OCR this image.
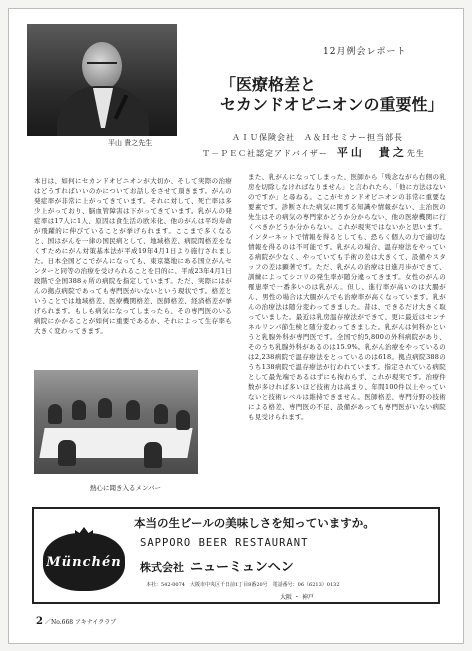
平山 貴之先生
12月例会レポート
「医療格差と
セカンドオピニオンの重要性」
ＡＩＵ保険会社　Ａ＆Ｈセミナー担当部長
Ｔ－ＰＥＣ社認定アドバイザー　平山　貴之先生
本日は、如何にセカンドオピニオンが大切か、そして実際の治療はどうすればいいのかについてお話しをさせて頂きます。がんの発症率が非常に上がってきています。それに対して、死亡率は多少上がっており、脳血管障害は下がってきています。乳がんの発症率は17人に1人、原因は食生活の欧米化、他のがんは平均寿命が飛躍的に伸びていることが挙げられます。ここまで多くなると、国はがんを一律の国民病として、地域格差、病院間格差をなくすためにがん対策基本法が平成19年4月1日より施行されました。日本全国どこでがんになっても、東京築地にある国立がんセンターと同等の治療を受けられることを目的に、平成23年4月1日段階で全国388ヵ所の病院を指定しています。ただ、実際にはがんの拠点病院であっても専門医がいないという現状です。格差ということでは地域格差、医療機関格差、医師格差、経済格差が挙げられます。もしも病気になってしまったら、その専門医のいる病院にかかることが如何に重要であるか、それによって生存率も大きく変わってきます。
また、乳がんになってしまった、医師から「残念ながら右側の乳房を切除しなければなりません」と言われたら、「他に方法はないのですか」と尋ねる。ここがセカンドオピニオンの非常に重要な要素です。診断された病気に関する知識や情報がない、主治医の先生はその病気の専門家かどうか分からない、他の医療機関に行くべきかどうか分からない。これが現実ではないかと思います。インターネットで情報を得るとしても、恐らく個人の力で適切な情報を得るのは不可能です。乳がんの場合、温存療法をやっている病院が少なく、やっていても手術の差は大きくて、設備やスタッフの差は顕著です。ただ、乳がんの治療は日進月歩ができて、訓練によってシコリの発生率が随分違ってきます。女性のがんの罹患率で一番多いのは乳がん。但し、進行率が高いのは大腸がん、男性の場合は大腸がんでも治療率が高くなっています。乳がんの治療法は随分変わってきました。昔は、できるだけ大きく取っていました。最近は乳房温存療法ができて、更に最近はセンチネルリンパ節生検と随分変わってきました。乳がんは何科かというと乳腺外科が専門医です。全国で約5,800の外科病院があり、そのうち乳腺外科があるのは15.9%。乳がん治療をやっているのは2,238病院で温存療法をとっているのは618。拠点病院388のうち138病院で温存療法が行われています。指定されている病院として最先端であるはずにも拘わらず、これが現実です。治療件数が多ければ多いほど技術力は高まり、年間100件以上やっていないと技術レベルは維持できません。医師格差、専門分野の技術による格差、専門医の不足、設備があっても専門医がいない病院も見受けられます。
熱心に聞き入るメンバー
Münchén
本当の生ビールの美味しさを知っていますか。
SAPPORO BEER RESTAURANT
株式会社 ニューミュンヘン
本社：542-0074　大阪市中央区千日前1丁目8番20号　電話番号：06（6213）0132
大阪 ・ 神戸
2 ／No.668 アキナイクラブ
